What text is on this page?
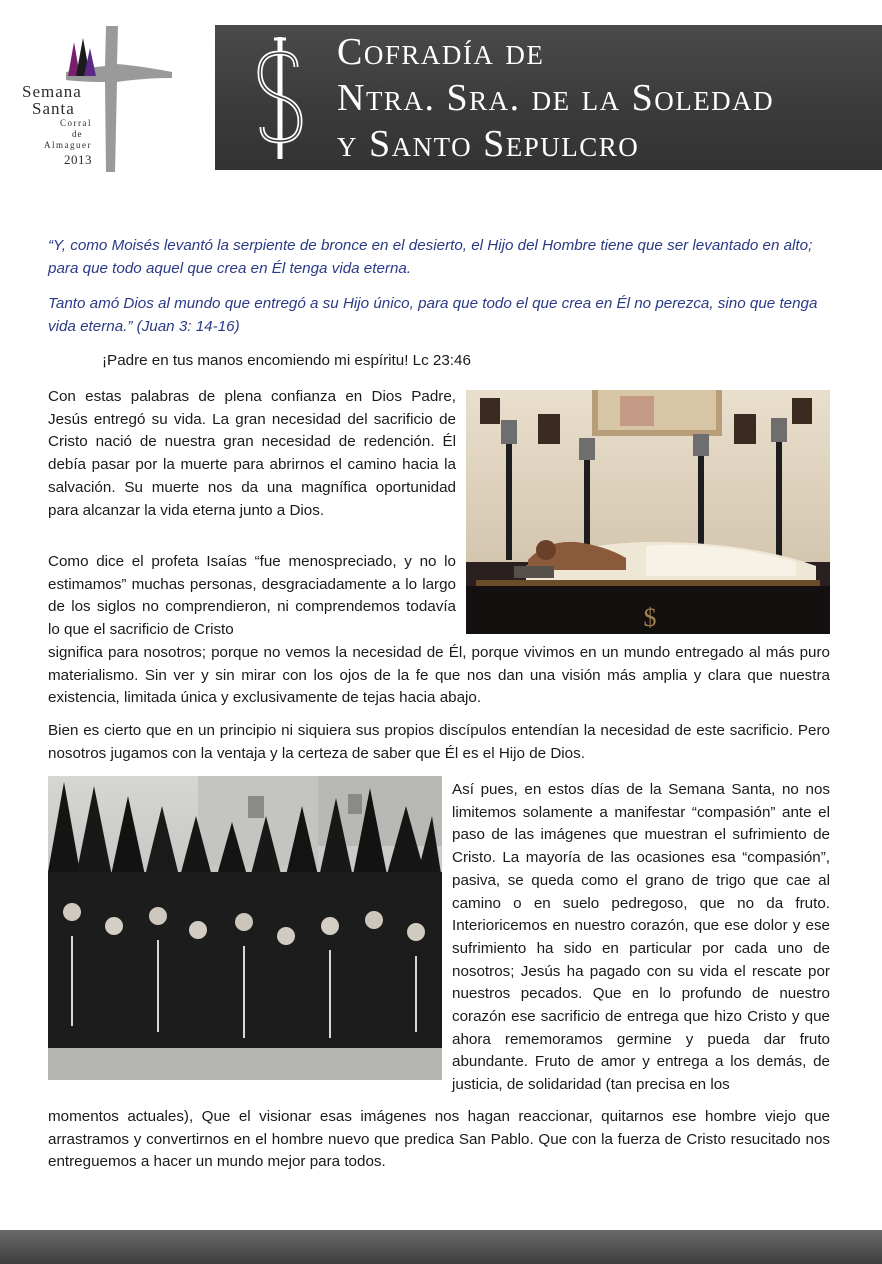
Semana
Santa
Corral
de
Almaguer
2013
Cofradía de
Ntra. Sra. de la Soledad
y Santo Sepulcro

“Y, como Moisés levantó la serpiente de bronce en el desierto, el Hijo del Hombre tiene que ser levantado en alto; para que todo aquel que crea en Él tenga vida eterna.

Tanto amó Dios al mundo que entregó a su Hijo único, para que todo el que crea en Él no perezca, sino que tenga vida eterna.” (Juan 3: 14-16)

¡Padre en tus manos encomiendo mi espíritu! Lc 23:46
$
Con estas palabras de plena confianza en Dios Padre, Jesús entregó su vida. La gran necesidad del sacrificio de Cristo nació de nuestra gran necesidad de redención. Él debía pasar por la muerte para abrirnos el camino hacia la salvación. Su muerte nos da una magnífica oportunidad para alcanzar la vida eterna junto a Dios.
Como dice el profeta Isaías “fue menospreciado, y no lo estimamos” muchas personas, desgraciadamente a lo largo de los siglos no comprendieron, ni comprendemos todavía lo que el sacrificio de Cristo
significa para nosotros; porque no vemos la necesidad de Él, porque vivimos en un mundo entregado al más puro materialismo. Sin ver y sin mirar con los ojos de la fe que nos dan una visión más amplia y clara que nuestra existencia, limitada única y exclusivamente de tejas hacia abajo.
Bien es cierto que en un principio ni siquiera sus propios discípulos entendían la necesidad de este sacrificio. Pero nosotros jugamos con la ventaja y la certeza de saber que Él es el Hijo de Dios.
Así pues, en estos días de la Semana Santa, no nos limitemos solamente a manifestar “compasión” ante el paso de las imágenes que muestran el sufrimiento de Cristo. La mayoría de las ocasiones esa “compasión”, pasiva, se queda como el grano de trigo que cae al camino o en suelo pedregoso, que no da fruto. Interioricemos en nuestro corazón, que ese dolor y ese sufrimiento ha sido en particular por cada uno de nosotros; Jesús ha pagado con su vida el rescate por nuestros pecados. Que en lo profundo de nuestro corazón ese sacrificio de entrega que hizo Cristo y que ahora rememoramos germine y pueda dar fruto abundante. Fruto de amor y entrega a los demás, de justicia, de solidaridad (tan precisa en los
momentos actuales), Que el visionar esas imágenes nos hagan reaccionar, quitarnos ese hombre viejo que arrastramos y convertirnos en el hombre nuevo que predica San Pablo. Que con la fuerza de Cristo resucitado nos entreguemos a hacer un mundo mejor para todos.
